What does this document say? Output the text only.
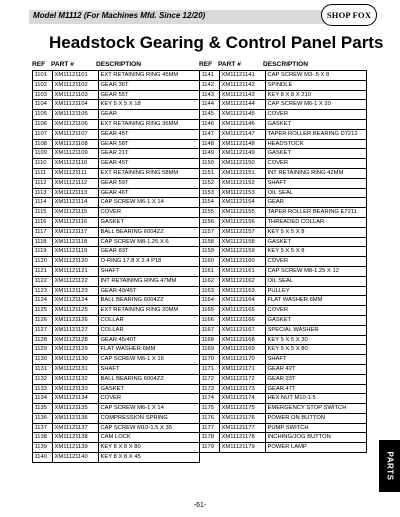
Model M1112 (For Machines Mfd. Since 12/20)	SHOP FOX
Headstock Gearing & Control Panel Parts
REF PART #	DESCRIPTION
1101	XM11121101	EXT RETAINING RING 45MM
1102	XM11121102	GEAR 36T
1103	XM11121103	GEAR 55T
1104	XM11121104	KEY 5 X 5 X 18
1105	XM11121105	GEAR
1106	XM11121106	EXT RETAINING RING 36MM
1107	XM11121107	GEAR 45T
1108	XM11121108	GEAR 58T
1109	XM11121109	GEAR 21T
1110	XM11121110	GEAR 45T
1111	XM11121111	EXT RETAINING RING 58MM
1112	XM11121112	GEAR 59T
1113	XM11121113	GEAR 46T
1114	XM11121114	CAP SCREW M6-1 X 14
1115	XM11121115	COVER
1116	XM11121116	GASKET
1117	XM11121117	BALL BEARING 6004ZZ
1118	XM11121118	CAP SCREW M8-1.25 X 6
1119	XM11121119	GEAR 83T
1120	XM11121120	O-RING 17.8 X 2.4 P18
1121	XM11121121	SHAFT
1122	XM11121122	INT RETAINING RING 47MM
1123	XM11121123	GEAR 40/45T
1124	XM11121124	BALL BEARING 6004ZZ
1125	XM11121125	EXT RETAINING RING 20MM
1126	XM11121126	COLLAR
1127	XM11121127	COLLAR
1128	XM11121128	GEAR 45/40T
1129	XM11121129	FLAT WASHER 6MM
1130	XM11121130	CAP SCREW M6-1 X 16
1131	XM11121131	SHAFT
1132	XM11121132	BALL BEARING 6004ZZ
1133	XM11121133	GASKET
1134	XM11121134	COVER
1135	XM11121135	CAP SCREW M6-1 X 14
1136	XM11121136	COMPRESSION SPRING
1137	XM11121137	CAP SCREW M10-1.5 X 35
1138	XM11121138	CAM LOCK
1139	XM11121139	KEY 8 X 8 X 80
1140	XM11121140	KEY 8 X 8 X 45
REF PART #	DESCRIPTION
1141	XM11121141	CAP SCREW M3-.5 X 8
1142	XM11121142	SPINDLE
1143	XM11121143	KEY 8 X 8 X 210
1144	XM11121144	CAP SCREW M6-1 X 20
1145	XM11121145	COVER
1146	XM11121146	GASKET
1147	XM11121147	TAPER ROLLER BEARING D7212
1148	XM11121148	HEADSTOCK
1149	XM11121149	GASKET
1150	XM11121150	COVER
1151	XM11121151	INT RETAINING RING 42MM
1152	XM11121152	SHAFT
1153	XM11121153	OIL SEAL
1154	XM11121154	GEAR
1155	XM11121155	TAPER ROLLER BEARING E7211
1156	XM11121156	THREADED COLLAR
1157	XM11121157	KEY 5 X 5 X 8
1158	XM11121158	GASKET
1159	XM11121159	KEY 5 X 5 X 8
1160	XM11121160	COVER
1161	XM11121161	CAP SCREW M8-1.25 X 12
1162	XM11121162	OIL SEAL
1163	XM11121163	PULLEY
1164	XM11121164	FLAT WASHER 6MM
1165	XM11121165	COVER
1166	XM11121166	GASKET
1167	XM11121167	SPECIAL WASHER
1168	XM11121168	KEY 5 X 5 X 30
1169	XM11121169	KEY 5 X 5 X 80
1170	XM11121170	SHAFT
1171	XM11121171	GEAR 42T
1172	XM11121172	GEAR 23T
1173	XM11121173	GEAR 47T
1174	XM11121174	HEX NUT M10-1.5
1175	XM11121175	EMERGENCY STOP SWITCH
1176	XM11121176	POWER ON BUTTON
1177	XM11121177	PUMP SWITCH
1178	XM11121178	INCHING/JOG BUTTON
1179	XM11121179	POWER LAMP
-61-
PARTS
